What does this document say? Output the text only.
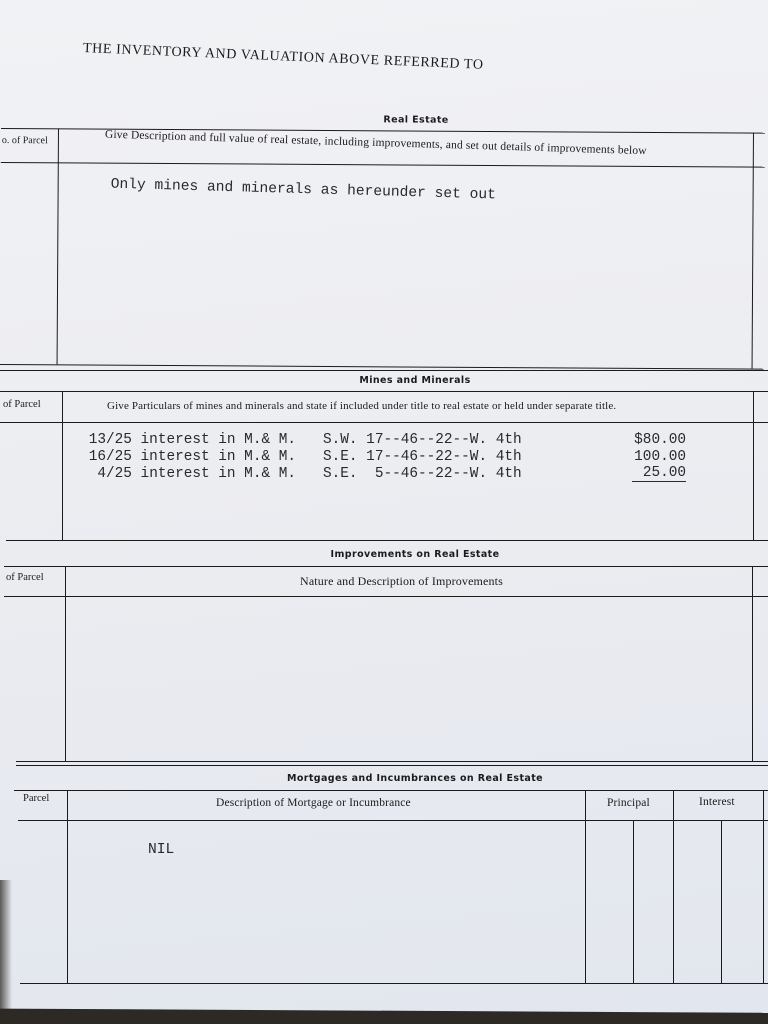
THE INVENTORY AND VALUATION ABOVE REFERRED TO
Real Estate
o. of Parcel	Give Description and full value of real estate, including improvements, and set out details of improvements below
Only mines and minerals as hereunder set out
Mines and Minerals
of Parcel	Give Particulars of mines and minerals and state if included under title to real estate or held under separate title.
13/25 interest in M.& M. S.W. 17--46--22--W. 4th	$80.00
16/25 interest in M.& M. S.E. 17--46--22--W. 4th	100.00
4/25 interest in M.& M. S.E.  5--46--22--W. 4th	25.00
Improvements on Real Estate
of Parcel	Nature and Description of Improvements
Mortgages and Incumbrances on Real Estate
Parcel	Description of Mortgage or Incumbrance	Principal	Interest
NIL
